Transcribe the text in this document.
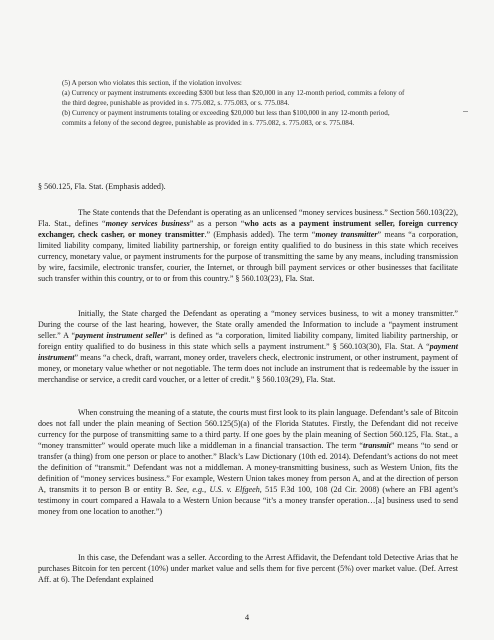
(5) A person who violates this section, if the violation involves:

(a) Currency or payment instruments exceeding $300 but less than $20,000 in any 12-month period, commits a felony of the third degree, punishable as provided in s. 775.082, s. 775.083, or s. 775.084.

(b) Currency or payment instruments totaling or exceeding $20,000 but less than $100,000 in any 12-month period, commits a felony of the second degree, punishable as provided in s. 775.082, s. 775.083, or s. 775.084.

§ 560.125, Fla. Stat. (Emphasis added).

The State contends that the Defendant is operating as an unlicensed “money services business.” Section 560.103(22), Fla. Stat., defines “money services business” as a person “who acts as a payment instrument seller, foreign currency exchanger, check casher, or money transmitter.” (Emphasis added). The term “money transmitter” means “a corporation, limited liability company, limited liability partnership, or foreign entity qualified to do business in this state which receives currency, monetary value, or payment instruments for the purpose of transmitting the same by any means, including transmission by wire, facsimile, electronic transfer, courier, the Internet, or through bill payment services or other businesses that facilitate such transfer within this country, or to or from this country.” § 560.103(23), Fla. Stat.

Initially, the State charged the Defendant as operating a “money services business, to wit a money transmitter.” During the course of the last hearing, however, the State orally amended the Information to include a “payment instrument seller.” A “payment instrument seller” is defined as “a corporation, limited liability company, limited liability partnership, or foreign entity qualified to do business in this state which sells a payment instrument.” § 560.103(30), Fla. Stat. A “payment instrument” means “a check, draft, warrant, money order, travelers check, electronic instrument, or other instrument, payment of money, or monetary value whether or not negotiable. The term does not include an instrument that is redeemable by the issuer in merchandise or service, a credit card voucher, or a letter of credit.” § 560.103(29), Fla. Stat.

When construing the meaning of a statute, the courts must first look to its plain language. Defendant’s sale of Bitcoin does not fall under the plain meaning of Section 560.125(5)(a) of the Florida Statutes. Firstly, the Defendant did not receive currency for the purpose of transmitting same to a third party. If one goes by the plain meaning of Section 560.125, Fla. Stat., a “money transmitter” would operate much like a middleman in a financial transaction. The term “transmit” means “to send or transfer (a thing) from one person or place to another.” Black’s Law Dictionary (10th ed. 2014). Defendant’s actions do not meet the definition of “transmit.” Defendant was not a middleman. A money-transmitting business, such as Western Union, fits the definition of “money services business.” For example, Western Union takes money from person A, and at the direction of person A, transmits it to person B or entity B. See, e.g., U.S. v. Elfgeeh, 515 F.3d 100, 108 (2d Cir. 2008) (where an FBI agent’s testimony in court compared a Hawala to a Western Union because “it’s a money transfer operation…[a] business used to send money from one location to another.”)

In this case, the Defendant was a seller. According to the Arrest Affidavit, the Defendant told Detective Arias that he purchases Bitcoin for ten percent (10%) under market value and sells them for five percent (5%) over market value. (Def. Arrest Aff. at 6). The Defendant explained

4
